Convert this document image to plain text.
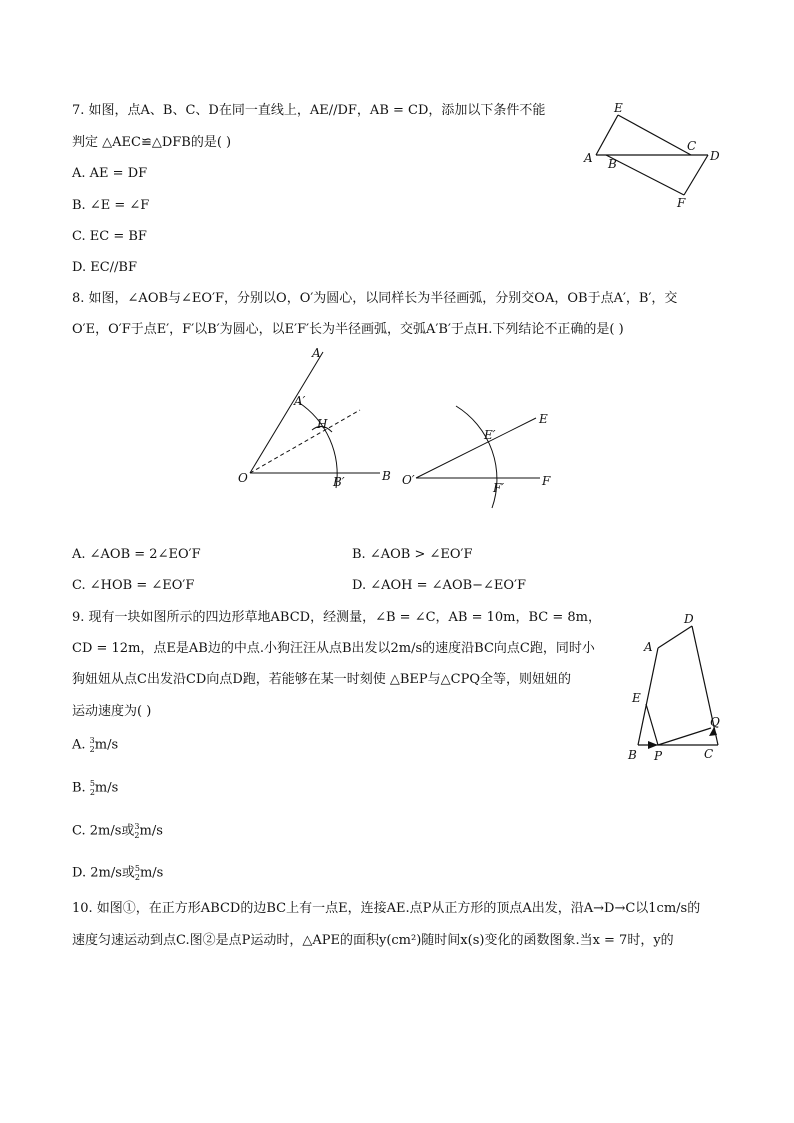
7. 如图，点A、B、C、D在同一直线上，AE//DF，AB = CD，添加以下条件不能
判定 △AEC≌△DFB的是( )
A. AE = DF
B. ∠E = ∠F
C. EC = BF
D. EC//BF
E
A B
C
D
F
8. 如图，∠AOB与∠EO′F，分别以O，O′为圆心，以同样长为半径画弧，分别交OA，OB于点A′，B′，交
O′E，O′F于点E′，F′以B′为圆心，以E′F′长为半径画弧，交弧A′B′于点H.下列结论不正确的是( )
A
A′
H
O	B′	B
E
E′
O′
F′	F
A. ∠AOB = 2∠EO′F	B. ∠AOB > ∠EO′F
C. ∠HOB = ∠EO′F	D. ∠AOH = ∠AOB−∠EO′F
9. 现有一块如图所示的四边形草地ABCD，经测量，∠B = ∠C，AB = 10m，BC = 8m，
CD = 12m，点E是AB边的中点.小狗汪汪从点B出发以2m/s的速度沿BC向点C跑，同时小
狗妞妞从点C出发沿CD向点D跑，若能够在某一时刻使 △BEP与△CPQ全等，则妞妞的
运动速度为( )
A. 3
2 m/s
B. 5
2 m/s
C. 2m/s或 3
2 m/s
D. 2m/s或 5
2 m/s
D
A
E
Q
B P	C
10. 如图①，在正方形ABCD的边BC上有一点E，连接AE.点P从正方形的顶点A出发，沿A→D→C以1cm/s的
速度匀速运动到点C.图②是点P运动时，△APE的面积y(cm²)随时间x(s)变化的函数图象.当x = 7时，y的
